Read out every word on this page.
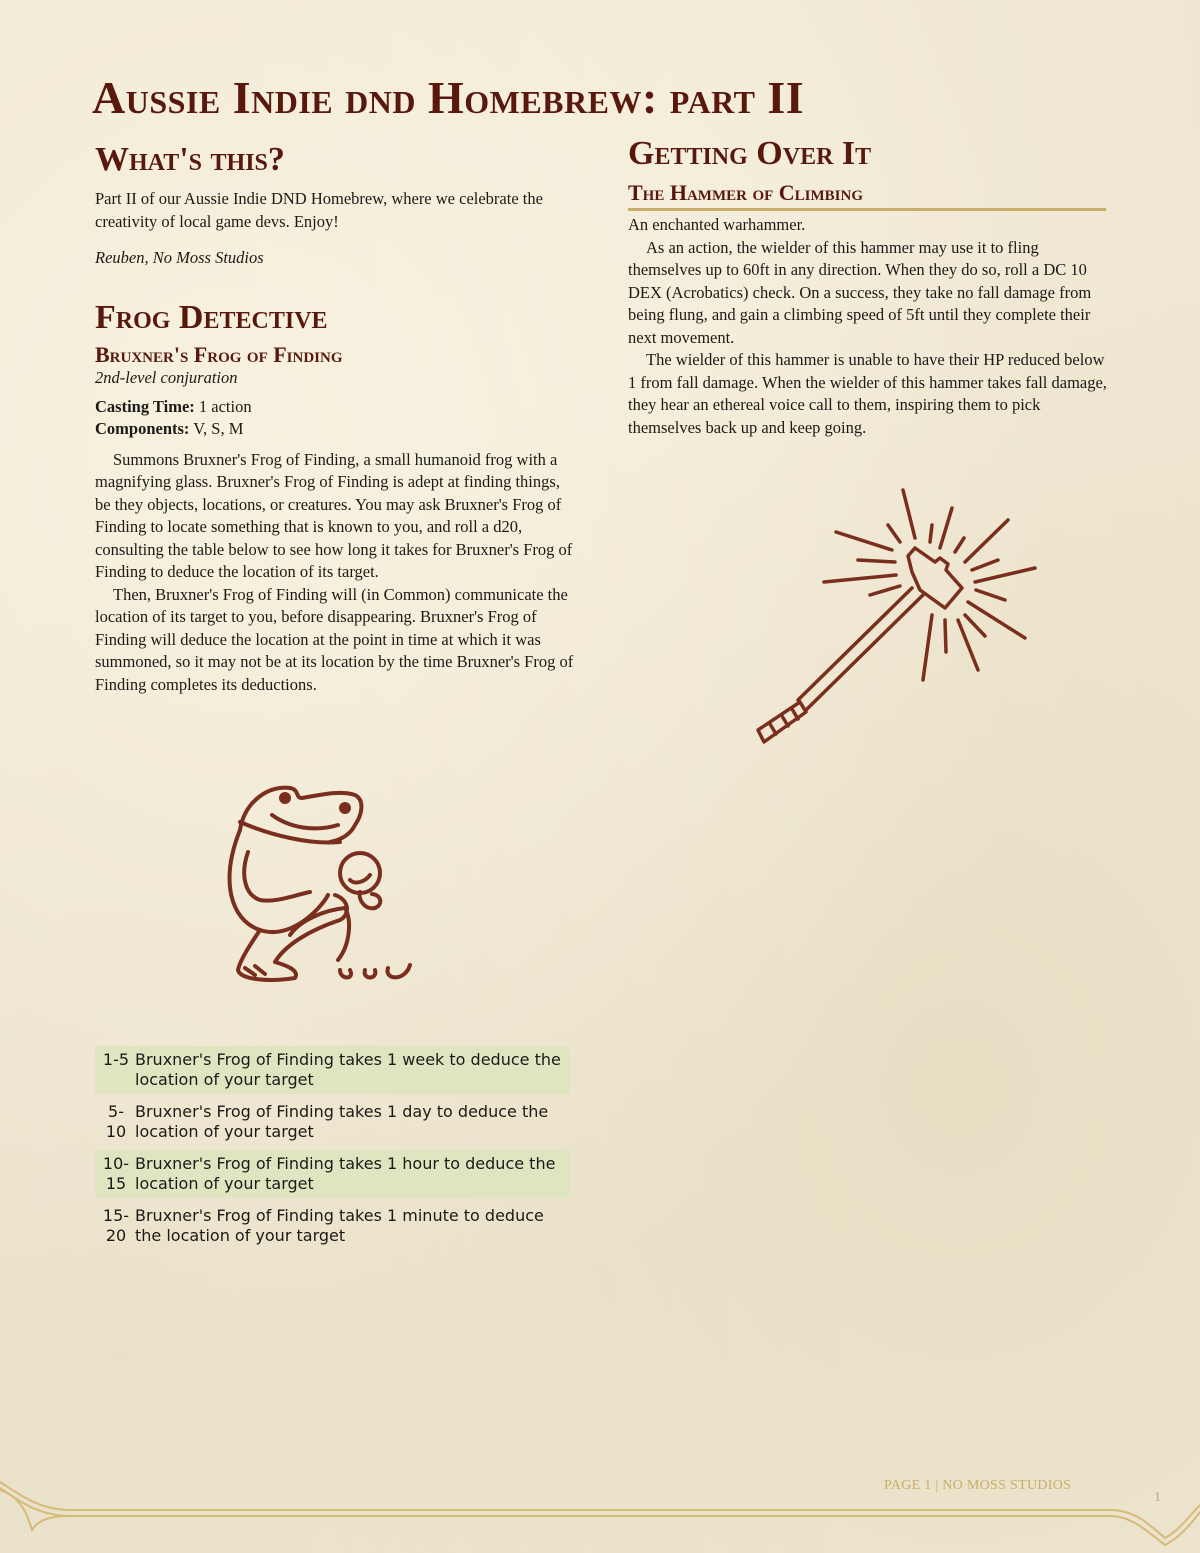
Aussie Indie dnd Homebrew: part II
What's this?

Part II of our Aussie Indie DND Homebrew, where we celebrate the creativity of local game devs. Enjoy!

Reuben, No Moss Studios

Frog Detective
Bruxner's Frog of Finding

2nd-level conjuration

Casting Time: 1 action

Components: V, S, M

Summons Bruxner's Frog of Finding, a small humanoid frog with a magnifying glass. Bruxner's Frog of Finding is adept at finding things, be they objects, locations, or creatures. You may ask Bruxner's Frog of Finding to locate something that is known to you, and roll a d20, consulting the table below to see how long it takes for Bruxner's Frog of Finding to deduce the location of its target.

Then, Bruxner's Frog of Finding will (in Common) communicate the location of its target to you, before disappearing. Bruxner's Frog of Finding will deduce the location at the point in time at which it was summoned, so it may not be at its location by the time Bruxner's Frog of Finding completes its deductions.

1-5 Bruxner's Frog of Finding takes 1 week to deduce the location of your target
5- 10
Bruxner's Frog of Finding takes 1 day to deduce the location of your target
10- 15
Bruxner's Frog of Finding takes 1 hour to deduce the location of your target
15- 20
Bruxner's Frog of Finding takes 1 minute to deduce the location of your target
Getting Over It
The Hammer of Climbing

An enchanted warhammer.

As an action, the wielder of this hammer may use it to fling themselves up to 60ft in any direction. When they do so, roll a DC 10 DEX (Acrobatics) check. On a success, they take no fall damage from being flung, and gain a climbing speed of 5ft until they complete their next movement.

The wielder of this hammer is unable to have their HP reduced below 1 from fall damage. When the wielder of this hammer takes fall damage, they hear an ethereal voice call to them, inspiring them to pick themselves back up and keep going.

PAGE 1 | NO MOSS STUDIOS
1
